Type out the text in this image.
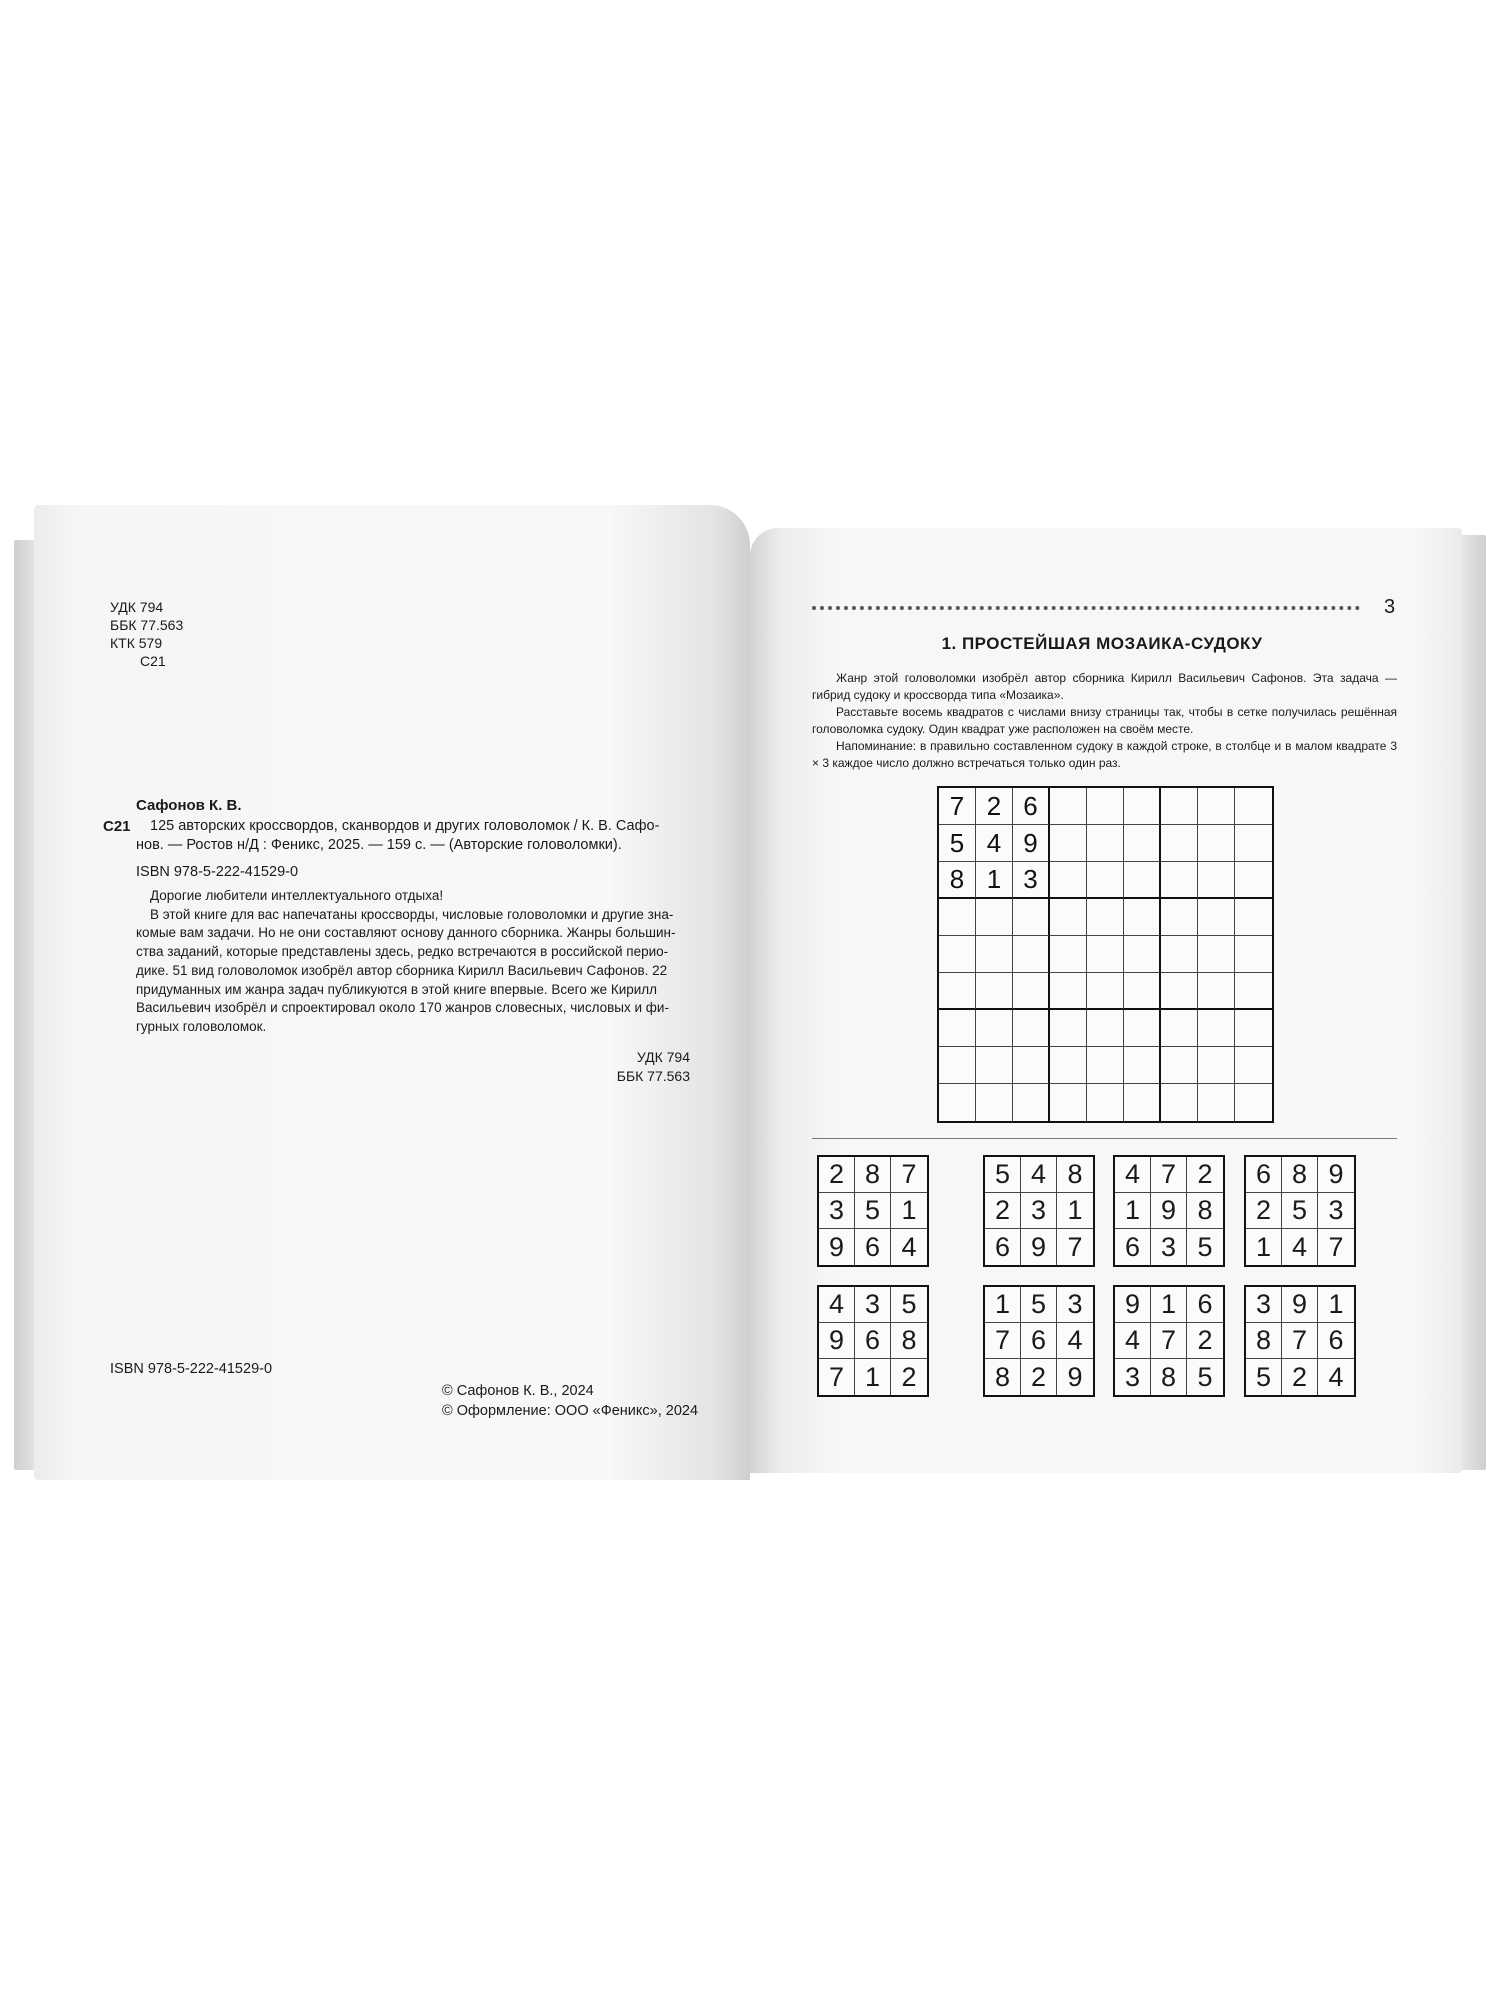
УДК 794
ББК 77.563
КТК 579
С21
Сафонов К. В.
С21 125 авторских кроссвордов, сканвордов и других головоломок / К. В. Сафо-
нов. — Ростов н/Д : Феникс, 2025. — 159 с. — (Авторские головоломки).
ISBN 978-5-222-41529-0
Дорогие любители интеллектуального отдыха!
В этой книге для вас напечатаны кроссворды, числовые головоломки и другие зна-
комые вам задачи. Но не они составляют основу данного сборника. Жанры большин-
ства заданий, которые представлены здесь, редко встречаются в российской перио-
дике. 51 вид головоломок изобрёл автор сборника Кирилл Васильевич Сафонов. 22
придуманных им жанра задач публикуются в этой книге впервые. Всего же Кирилл
Васильевич изобрёл и спроектировал около 170 жанров словесных, числовых и фи-
гурных головоломок.
УДК 794
ББК 77.563
ISBN 978-5-222-41529-0
© Сафонов К. В., 2024
© Оформление: ООО «Феникс», 2024
3
1. ПРОСТЕЙШАЯ МОЗАИКА-СУДОКУ
Жанр этой головоломки изобрёл автор сборника Кирилл Васильевич Сафонов. Эта задача — гибрид судоку и кроссворда типа «Мозаика».
Расставьте восемь квадратов с числами внизу страницы так, чтобы в сетке получилась решённая головоломка судоку. Один квадрат уже расположен на своём месте.
Напоминание: в правильно составленном судоку в каждой строке, в столбце и в малом квадрате 3 × 3 каждое число должно встречаться только один раз.
7 2 6
5 4 9
8 1 3
2 8 7
3 5 1
9 6 4
5 4 8
2 3 1
6 9 7
4 7 2
1 9 8
6 3 5
6 8 9
2 5 3
1 4 7
4 3 5
9 6 8
7 1 2
1 5 3
7 6 4
8 2 9
9 1 6
4 7 2
3 8 5
3 9 1
8 7 6
5 2 4
